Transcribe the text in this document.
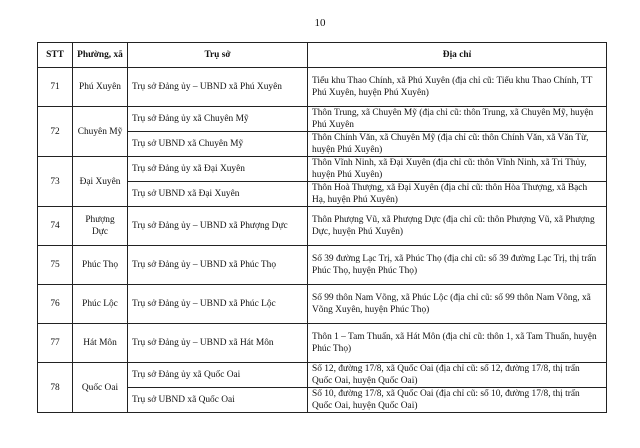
10
STT	Phường, xã	Trụ sở	Địa chỉ
71	Phú Xuyên	Trụ sở Đảng ủy – UBND xã Phú Xuyên	Tiểu khu Thao Chính, xã Phú Xuyên (địa chỉ cũ: Tiểu khu Thao Chính, TT Phú Xuyên, huyện Phú Xuyên)
72	Chuyên Mỹ	Trụ sở Đảng ủy xã Chuyên Mỹ	Thôn Trung, xã Chuyên Mỹ (địa chỉ cũ: thôn Trung, xã Chuyên Mỹ, huyện Phú Xuyên
		Trụ sở UBND xã Chuyên Mỹ	Thôn Chính Văn, xã Chuyên Mỹ (địa chỉ cũ: thôn Chính Văn, xã Văn Từ, huyện Phú Xuyên)
73	Đại Xuyên	Trụ sở Đảng ủy xã Đại Xuyên	Thôn Vĩnh Ninh, xã Đại Xuyên (địa chỉ cũ: thôn Vĩnh Ninh, xã Tri Thủy, huyện Phú Xuyên)
		Trụ sở UBND xã Đại Xuyên	Thôn Hoà Thượng, xã Đại Xuyên (địa chỉ cũ: thôn Hòa Thượng, xã Bạch Hạ, huyện Phú Xuyên)
74	Phượng Dực	Trụ sở Đảng ủy – UBND xã Phượng Dực	Thôn Phượng Vũ, xã Phượng Dực (địa chỉ cũ: thôn Phượng Vũ, xã Phượng Dực, huyện Phú Xuyên)
75	Phúc Thọ	Trụ sở Đảng ủy – UBND xã Phúc Thọ	Số 39 đường Lạc Trị, xã Phúc Thọ (địa chỉ cũ: số 39 đường Lạc Trị, thị trấn Phúc Thọ, huyện Phúc Thọ)
76	Phúc Lộc	Trụ sở Đảng ủy – UBND xã Phúc Lộc	Số 99 thôn Nam Võng, xã Phúc Lộc (địa chỉ cũ: số 99 thôn Nam Võng, xã Võng Xuyên, huyện Phúc Thọ)
77	Hát Môn	Trụ sở Đảng ủy – UBND xã Hát Môn	Thôn 1 – Tam Thuấn, xã Hát Môn (địa chỉ cũ: thôn 1, xã Tam Thuấn, huyện Phúc Thọ)
78	Quốc Oai	Trụ sở Đảng ủy xã Quốc Oai	Số 12, đường 17/8, xã Quốc Oai (địa chỉ cũ: số 12, đường 17/8, thị trấn Quốc Oai, huyện Quốc Oai)
		Trụ sở UBND xã Quốc Oai	Số 10, đường 17/8, xã Quốc Oai (địa chỉ cũ: số 10, đường 17/8, thị trấn Quốc Oai, huyện Quốc Oai)
